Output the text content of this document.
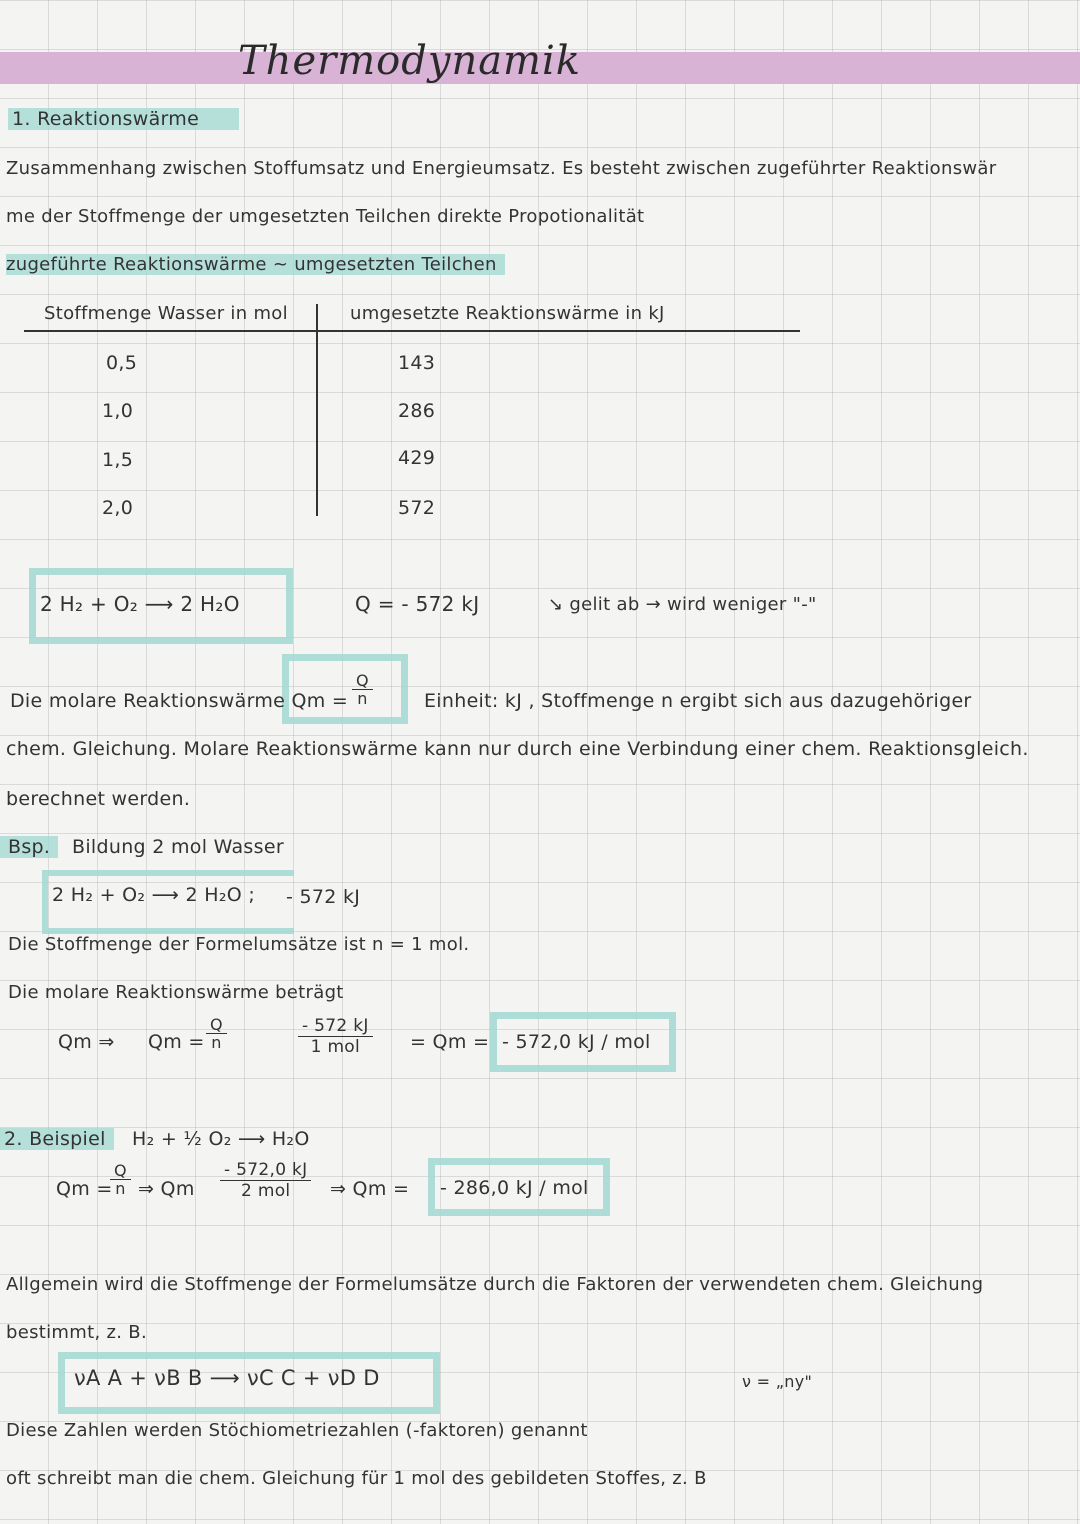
Thermodynamik
1. Reaktionswärme
Zusammenhang zwischen Stoffumsatz und Energieumsatz. Es besteht zwischen zugeführter Reaktionswär
me der Stoffmenge der umgesetzten Teilchen direkte Propotionalität
zugeführte Reaktionswärme ~ umgesetzten Teilchen
Stoffmenge Wasser in mol	umgesetzte Reaktionswärme in kJ
0,5	143
1,0	286
1,5	429
2,0	572
2 H₂ + O₂ ⟶ 2 H₂O	Q = - 572 kJ	↘ gelit ab → wird weniger "-"
Die molare Reaktionswärme $Qm = \frac{Q}{n}$	Einheit: kJ , Stoffmenge n ergibt sich aus dazugehöriger
chem. Gleichung. Molare Reaktionswärme kann nur durch eine Verbindung einer chem. Reaktionsgleich.
berechnet werden.
Bsp.	Bildung 2 mol Wasser
2 H₂ + O₂ ⟶ 2 H₂O ; - 572 kJ
Die Stoffmenge der Formelumsätze ist n = 1 mol.
Die molare Reaktionswärme beträgt
Qm ⇒ $Qm = \frac{Q}{n}$	- 572 kJ
1 mol	= Qm = - 572,0 kJ / mol
2. Beispiel	H₂ + ½ O₂ ⟶ H₂O
Qm =
$\frac{Q}{n}$ ⇒ Qm
- 572,0 kJ
2 mol	⇒ Qm = - 286,0 kJ / mol
Allgemein wird die Stoffmenge der Formelumsätze durch die Faktoren der verwendeten chem. Gleichung
bestimmt, z. B.
νA A + νB B ⟶ νC C + νD D	ν = „ny"
Diese Zahlen werden Stöchiometriezahlen (-faktoren) genannt
oft schreibt man die chem. Gleichung für 1 mol des gebildeten Stoffes, z. B
